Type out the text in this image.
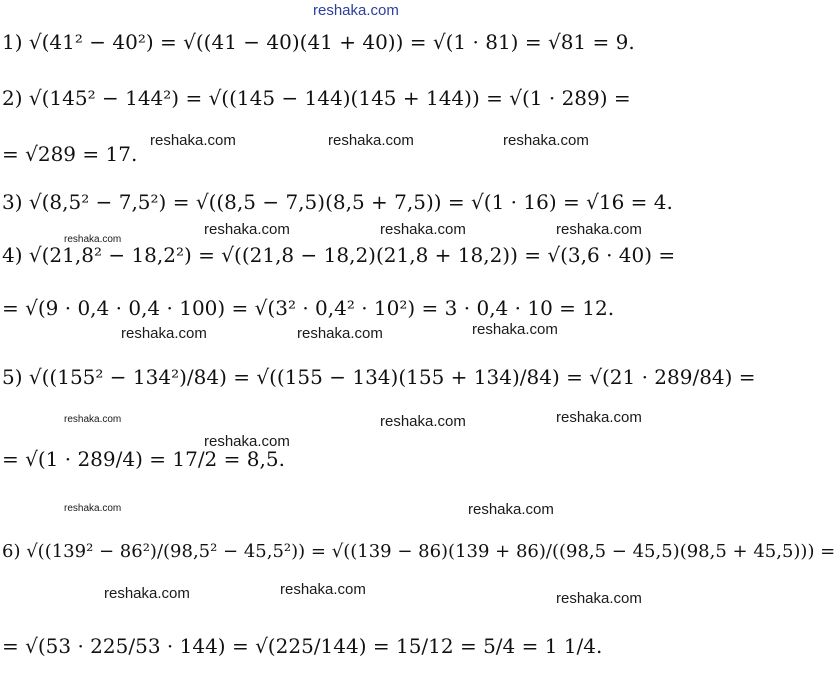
reshaka.com
1) √(41² − 40²) = √((41 − 40)(41 + 40)) = √(1 · 81) = √81 = 9.
2) √(145² − 144²) = √((145 − 144)(145 + 144)) = √(1 · 289) =
= √289 = 17.
3) √(8,5² − 7,5²) = √((8,5 − 7,5)(8,5 + 7,5)) = √(1 · 16) = √16 = 4.
4) √(21,8² − 18,2²) = √((21,8 − 18,2)(21,8 + 18,2)) = √(3,6 · 40) =
= √(9 · 0,4 · 0,4 · 100) = √(3² · 0,4² · 10²) = 3 · 0,4 · 10 = 12.
5) √((155² − 134²)/84) = √((155 − 134)(155 + 134)/84) = √(21 · 289/84) =
= √(1 · 289/4) = 17/2 = 8,5.
6) √((139² − 86²)/(98,5² − 45,5²)) = √((139 − 86)(139 + 86)/((98,5 − 45,5)(98,5 + 45,5))) =
= √(53 · 225/53 · 144) = √(225/144) = 15/12 = 5/4 = 1 1/4.
reshaka.com	reshaka.com	reshaka.com
reshaka.com	reshaka.com	reshaka.com
reshaka.com
reshaka.com	reshaka.com	reshaka.com
reshaka.com	reshaka.com
reshaka.com
reshaka.com
reshaka.com	reshaka.com
reshaka.com	reshaka.com
reshaka.com
